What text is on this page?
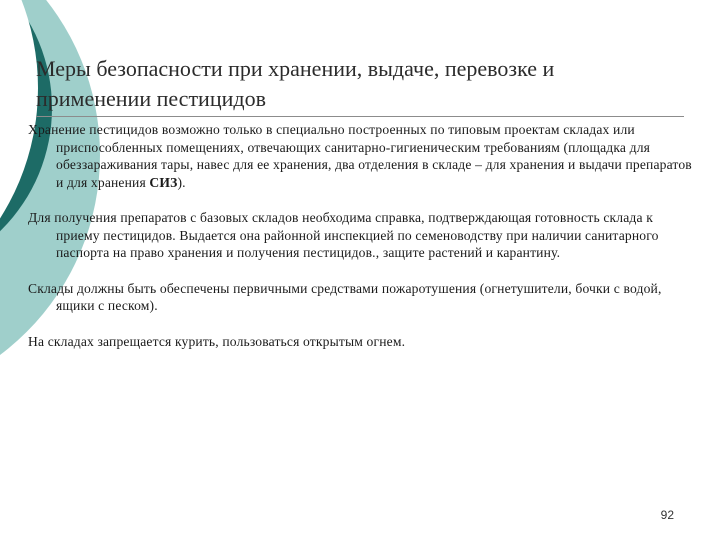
Меры безопасности при хранении, выдаче, перевозке и применении пестицидов

Хранение пестицидов возможно только в специально построенных по типовым проектам складах или приспособленных помещениях, отвечающих санитарно-гигиеническим требованиям (площадка для обеззараживания тары, навес для ее хранения, два отделения в складе – для хранения и выдачи препаратов и для хранения СИЗ).

Для получения препаратов с базовых складов необходима справка, подтверждающая готовность склада к приему пестицидов. Выдается она районной инспекцией по семеноводству при наличии санитарного паспорта на право хранения и получения пестицидов., защите растений и карантину.

Склады должны быть обеспечены первичными средствами пожаротушения (огнетушители, бочки с водой, ящики с песком).

На складах запрещается курить, пользоваться открытым огнем.

92
